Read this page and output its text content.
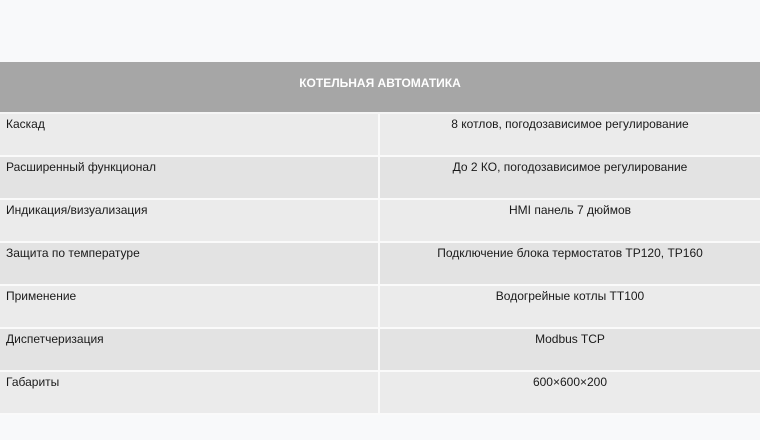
КОТЕЛЬНАЯ АВТОМАТИКА	
Каскад	8 котлов, погодозависимое регулирование
Расширенный функционал	До 2 КО, погодозависимое регулирование
Индикация/визуализация	HMI панель 7 дюймов
Защита по температуре	Подключение блока термостатов ТР120, ТР160
Применение	Водогрейные котлы ТТ100
Диспетчеризация	Modbus TCP
Габариты	600×600×200
